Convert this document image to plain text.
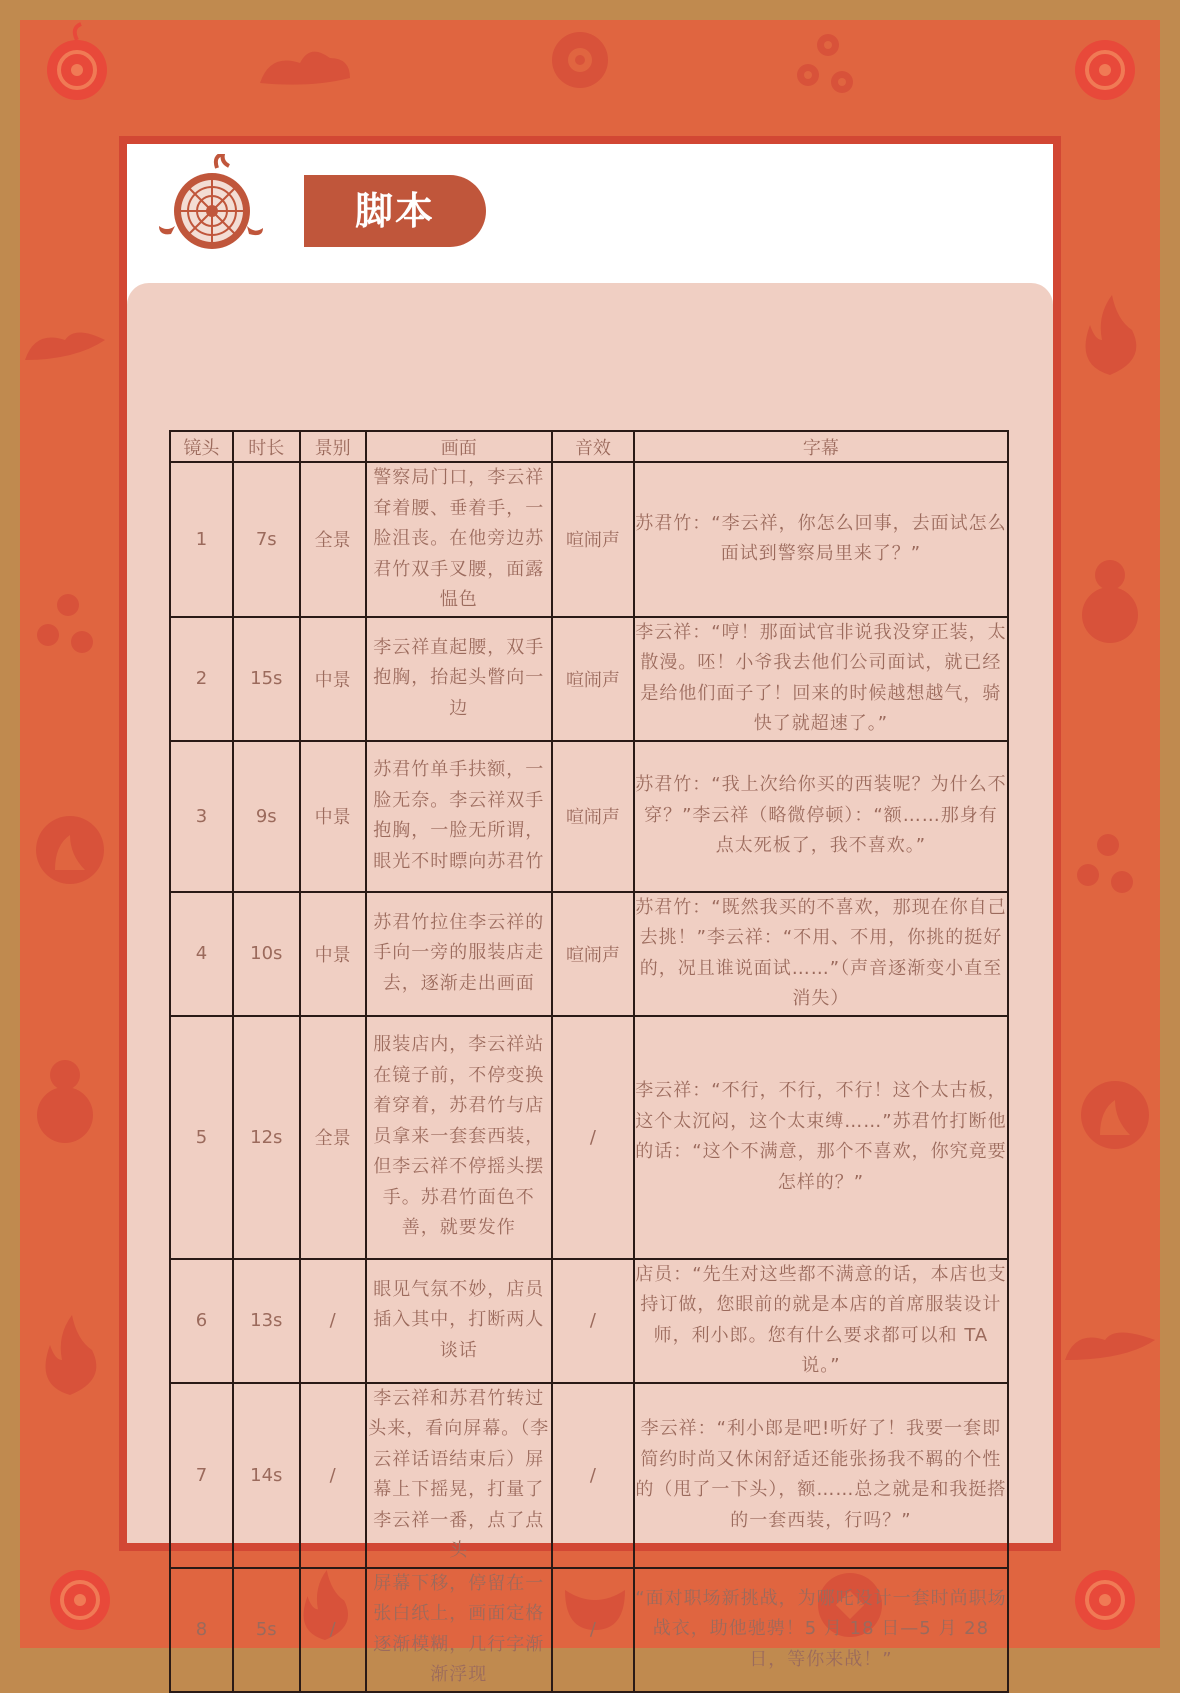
脚本
镜头	时长	景别	画面	音效	字幕
1	7s	全景	警察局门口，李云祥耷着腰、垂着手，一脸沮丧。在他旁边苏君竹双手叉腰，面露愠色	喧闹声	苏君竹：“李云祥，你怎么回事，去面试怎么面试到警察局里来了？”
2	15s	中景	李云祥直起腰，双手抱胸，抬起头瞥向一边	喧闹声	李云祥：“哼！那面试官非说我没穿正装，太散漫。呸！小爷我去他们公司面试，就已经是给他们面子了！回来的时候越想越气，骑快了就超速了。”
3	9s	中景	苏君竹单手扶额，一脸无奈。李云祥双手抱胸，一脸无所谓，眼光不时瞟向苏君竹	喧闹声	苏君竹：“我上次给你买的西装呢？为什么不穿？”李云祥（略微停顿）：“额……那身有点太死板了，我不喜欢。”
4	10s	中景	苏君竹拉住李云祥的手向一旁的服装店走去，逐渐走出画面	喧闹声	苏君竹：“既然我买的不喜欢，那现在你自己去挑！”李云祥：“不用、不用，你挑的挺好的，况且谁说面试……”（声音逐渐变小直至消失）
5	12s	全景	服装店内，李云祥站在镜子前，不停变换着穿着，苏君竹与店员拿来一套套西装，但李云祥不停摇头摆手。苏君竹面色不善，就要发作	/	李云祥：“不行，不行，不行！这个太古板，这个太沉闷，这个太束缚……”苏君竹打断他的话：“这个不满意，那个不喜欢，你究竟要怎样的？”
6	13s	/	眼见气氛不妙，店员插入其中，打断两人谈话	/	店员：“先生对这些都不满意的话，本店也支持订做，您眼前的就是本店的首席服装设计师，利小郎。您有什么要求都可以和 TA 说。”
7	14s	/	李云祥和苏君竹转过头来，看向屏幕。（李云祥话语结束后）屏幕上下摇晃，打量了李云祥一番，点了点头	/	李云祥：“利小郎是吧!听好了！我要一套即简约时尚又休闲舒适还能张扬我不羁的个性的（甩了一下头），额……总之就是和我挺搭的一套西装，行吗？”
8	5s	/	屏幕下移，停留在一张白纸上，画面定格逐渐模糊，几行字渐渐浮现	/	“面对职场新挑战，为哪吒设计一套时尚职场战衣，助他驰骋！5 月 18 日—5 月 28 日，等你来战！”
